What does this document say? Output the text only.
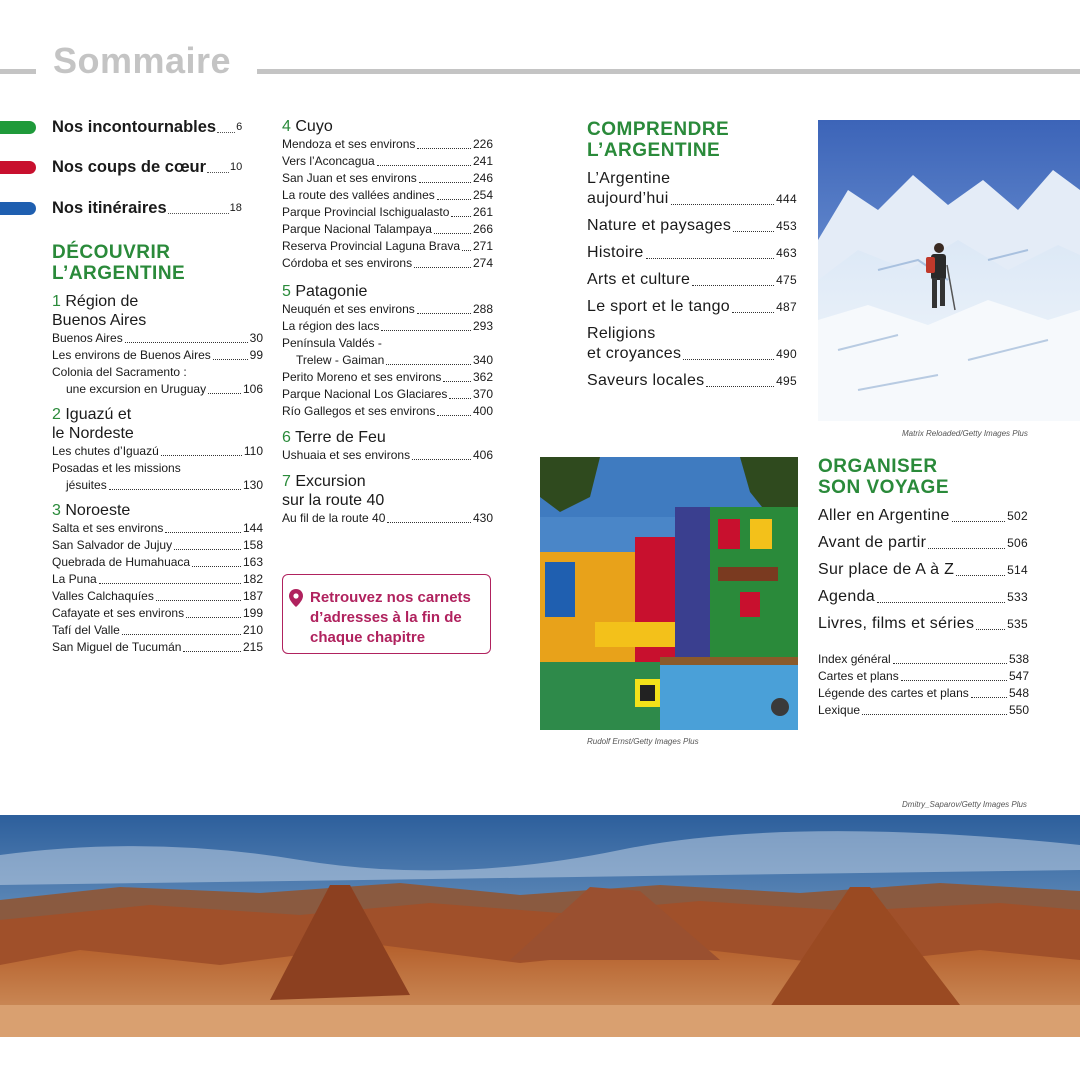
Sommaire
Nos incontournables 6
Nos coups de cœur 10
Nos itinéraires	18
DÉCOUVRIR
L’ARGENTINE
1 Région de
Buenos Aires
Buenos Aires	30
Les environs de Buenos Aires	99
Colonia del Sacramento :
une excursion en Uruguay	106
2 Iguazú et
le Nordeste
Les chutes d’Iguazú	110
Posadas et les missions
jésuites	130
3 Noroeste
Salta et ses environs	144
San Salvador de Jujuy	158
Quebrada de Humahuaca	163
La Puna	182
Valles Calchaquíes	187
Cafayate et ses environs	199
Tafí del Valle	210
San Miguel de Tucumán	215
4 Cuyo
Mendoza et ses environs	226
Vers l’Aconcagua	241
San Juan et ses environs	246
La route des vallées andines	254
Parque Provincial Ischigualasto 261
Parque Nacional Talampaya	266
Reserva Provincial Laguna Brava 271
Córdoba et ses environs	274
5 Patagonie
Neuquén et ses environs	288
La région des lacs	293
Península Valdés -
Trelew - Gaiman	340
Perito Moreno et ses environs	362
Parque Nacional Los Glaciares 370
Río Gallegos et ses environs	400
6 Terre de Feu
Ushuaia et ses environs	406
7 Excursion
sur la route 40
Au fil de la route 40	430
Retrouvez nos carnets d’adresses à la fin de chaque chapitre
COMPRENDRE
L’ARGENTINE
L’Argentine
aujourd’hui	444
Nature et paysages	453
Histoire	463
Arts et culture	475
Le sport et le tango	487
Religions
et croyances	490
Saveurs locales	495
ORGANISER
SON VOYAGE
Aller en Argentine	502
Avant de partir	506
Sur place de A à Z	514
Agenda	533
Livres, films et séries	535
Index général	538
Cartes et plans	547
Légende des cartes et plans	548
Lexique	550
Matrix Reloaded/Getty Images Plus
Rudolf Ernst/Getty Images Plus
Dmitry_Saparov/Getty Images Plus
